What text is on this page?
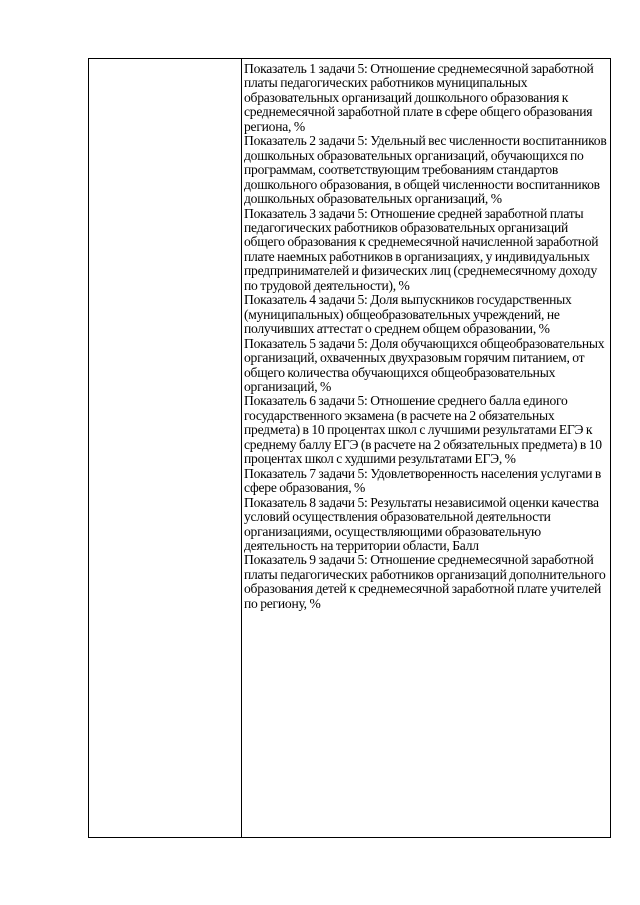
Показатель 1 задачи 5: Отношение среднемесячной заработной платы педагогических работников муниципальных образовательных организаций дошкольного образования к среднемесячной заработной плате в сфере общего образования региона, %

Показатель 2 задачи 5: Удельный вес численности воспитанников дошкольных образовательных организаций, обучающихся по программам, соответствующим требованиям стандартов дошкольного образования, в общей численности воспитанников дошкольных образовательных организаций, %

Показатель 3 задачи 5: Отношение средней заработной платы педагогических работников образовательных организаций общего образования к среднемесячной начисленной заработной плате наемных работников в организациях, у индивидуальных предпринимателей и физических лиц (среднемесячному доходу по трудовой деятельности), %

Показатель 4 задачи 5: Доля выпускников государственных (муниципальных) общеобразовательных учреждений, не получивших аттестат о среднем общем образовании, %

Показатель 5 задачи 5: Доля обучающихся общеобразовательных организаций, охваченных двухразовым горячим питанием, от общего количества обучающихся общеобразовательных организаций, %

Показатель 6 задачи 5: Отношение среднего балла единого государственного экзамена (в расчете на 2 обязательных предмета) в 10 процентах школ с лучшими результатами ЕГЭ к среднему баллу ЕГЭ (в расчете на 2 обязательных предмета) в 10 процентах школ с худшими результатами ЕГЭ, %

Показатель 7 задачи 5: Удовлетворенность населения услугами в сфере образования, %

Показатель 8 задачи 5: Результаты независимой оценки качества условий осуществления образовательной деятельности организациями, осуществляющими образовательную деятельность на территории области, Балл

Показатель 9 задачи 5: Отношение среднемесячной заработной платы педагогических работников организаций дополнительного образования детей к среднемесячной заработной плате учителей по региону, %
